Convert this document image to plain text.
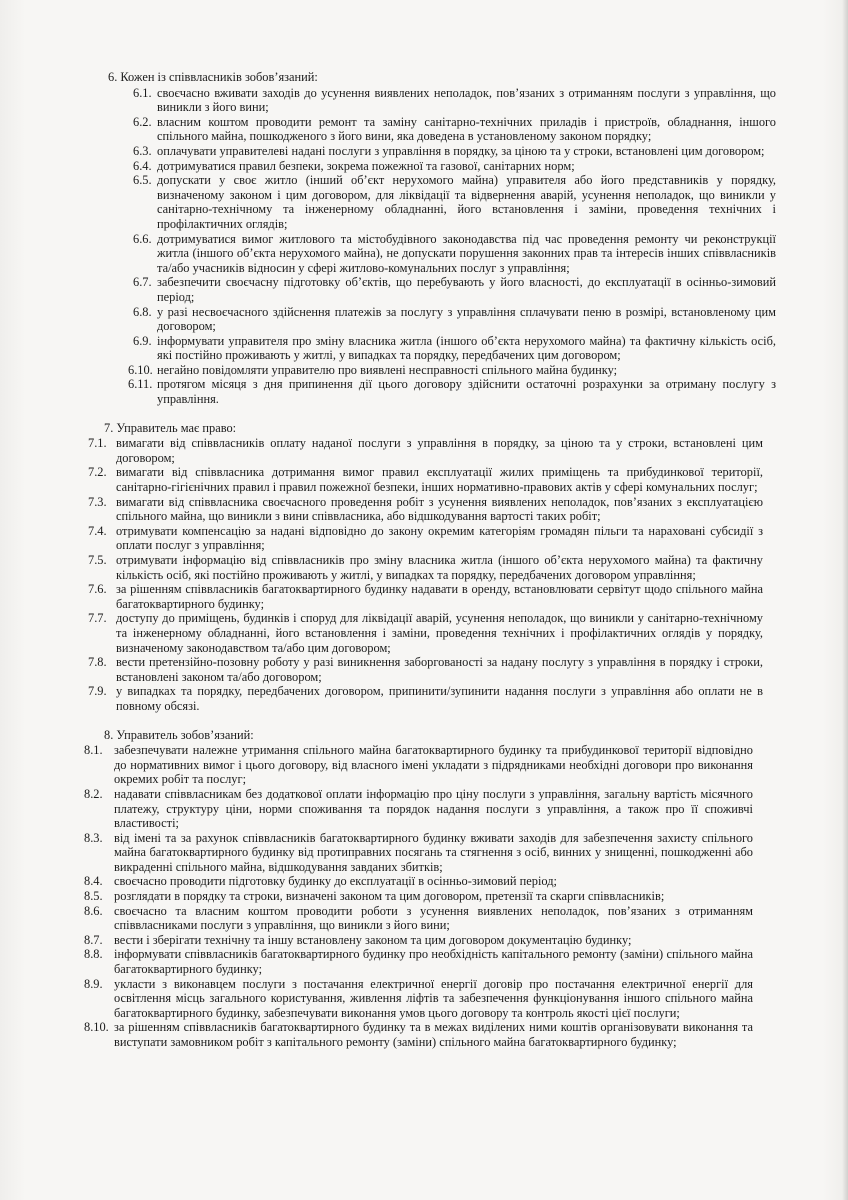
6. Кожен із співвласників зобов’язаний:
6.1. своєчасно вживати заходів до усунення виявлених неполадок, пов’язаних з отриманням послуги з управління, що виникли з його вини;
6.2. власним коштом проводити ремонт та заміну санітарно-технічних приладів і пристроїв, обладнання, іншого спільного майна, пошкодженого з його вини, яка доведена в установленому законом порядку;
6.3. оплачувати управителеві надані послуги з управління в порядку, за ціною та у строки, встановлені цим договором;
6.4. дотримуватися правил безпеки, зокрема пожежної та газової, санітарних норм;
6.5. допускати у своє житло (інший об’єкт нерухомого майна) управителя або його представників у порядку, визначеному законом і цим договором, для ліквідації та відвернення аварій, усунення неполадок, що виникли у санітарно-технічному та інженерному обладнанні, його встановлення і заміни, проведення технічних і профілактичних оглядів;
6.6. дотримуватися вимог житлового та містобудівного законодавства під час проведення ремонту чи реконструкції житла (іншого об’єкта нерухомого майна), не допускати порушення законних прав та інтересів інших співвласників та/або учасників відносин у сфері житлово-комунальних послуг з управління;
6.7. забезпечити своєчасну підготовку об’єктів, що перебувають у його власності, до експлуатації в осінньо-зимовий період;
6.8. у разі несвоєчасного здійснення платежів за послугу з управління сплачувати пеню в розмірі, встановленому цим договором;
6.9. інформувати управителя про зміну власника житла (іншого об’єкта нерухомого майна) та фактичну кількість осіб, які постійно проживають у житлі, у випадках та порядку, передбачених цим договором;
6.10. негайно повідомляти управителю про виявлені несправності спільного майна будинку;
6.11. протягом місяця з дня припинення дії цього договору здійснити остаточні розрахунки за отриману послугу з управління.
7. Управитель має право:
7.1. вимагати від співвласників оплату наданої послуги з управління в порядку, за ціною та у строки, встановлені цим договором;
7.2. вимагати від співвласника дотримання вимог правил експлуатації жилих приміщень та прибудинкової території, санітарно-гігієнічних правил і правил пожежної безпеки, інших нормативно-правових актів у сфері комунальних послуг;
7.3. вимагати від співвласника своєчасного проведення робіт з усунення виявлених неполадок, пов’язаних з експлуатацією спільного майна, що виникли з вини співвласника, або відшкодування вартості таких робіт;
7.4. отримувати компенсацію за надані відповідно до закону окремим категоріям громадян пільги та нараховані субсидії з оплати послуг з управління;
7.5. отримувати інформацію від співвласників про зміну власника житла (іншого об’єкта нерухомого майна) та фактичну кількість осіб, які постійно проживають у житлі, у випадках та порядку, передбачених договором управління;
7.6. за рішенням співвласників багатоквартирного будинку надавати в оренду, встановлювати сервітут щодо спільного майна багатоквартирного будинку;
7.7. доступу до приміщень, будинків і споруд для ліквідації аварій, усунення неполадок, що виникли у санітарно-технічному та інженерному обладнанні, його встановлення і заміни, проведення технічних і профілактичних оглядів у порядку, визначеному законодавством та/або цим договором;
7.8. вести претензійно-позовну роботу у разі виникнення заборгованості за надану послугу з управління в порядку і строки, встановлені законом та/або договором;
7.9. у випадках та порядку, передбачених договором, припинити/зупинити надання послуги з управління або оплати не в повному обсязі.
8. Управитель зобов’язаний:
8.1. забезпечувати належне утримання спільного майна багатоквартирного будинку та прибудинкової території відповідно до нормативних вимог і цього договору, від власного імені укладати з підрядниками необхідні договори про виконання окремих робіт та послуг;
8.2. надавати співвласникам без додаткової оплати інформацію про ціну послуги з управління, загальну вартість місячного платежу, структуру ціни, норми споживання та порядок надання послуги з управління, а також про її споживчі властивості;
8.3. від імені та за рахунок співвласників багатоквартирного будинку вживати заходів для забезпечення захисту спільного майна багатоквартирного будинку від протиправних посягань та стягнення з осіб, винних у знищенні, пошкодженні або викраденні спільного майна, відшкодування завданих збитків;
8.4. своєчасно проводити підготовку будинку до експлуатації в осінньо-зимовий період;
8.5. розглядати в порядку та строки, визначені законом та цим договором, претензії та скарги співвласників;
8.6. своєчасно та власним коштом проводити роботи з усунення виявлених неполадок, пов’язаних з отриманням співвласниками послуги з управління, що виникли з його вини;
8.7. вести і зберігати технічну та іншу встановлену законом та цим договором документацію будинку;
8.8. інформувати співвласників багатоквартирного будинку про необхідність капітального ремонту (заміни) спільного майна багатоквартирного будинку;
8.9. укласти з виконавцем послуги з постачання електричної енергії договір про постачання електричної енергії для освітлення місць загального користування, живлення ліфтів та забезпечення функціонування іншого спільного майна багатоквартирного будинку, забезпечувати виконання умов цього договору та контроль якості цієї послуги;
8.10. за рішенням співвласників багатоквартирного будинку та в межах виділених ними коштів організовувати виконання та виступати замовником робіт з капітального ремонту (заміни) спільного майна багатоквартирного будинку;
